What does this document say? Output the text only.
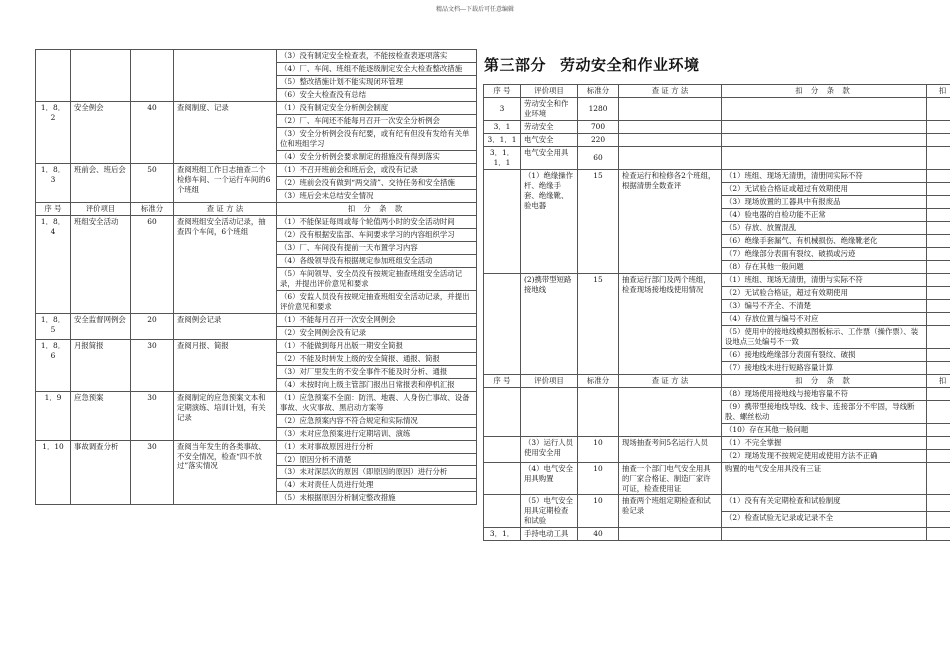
精品文档---下载后可任意编辑
				（3）没有制定安全检查表，不能按检查表逐项落实
				（4）厂、车间、班组不能逐级制定安全大检查整改措施
				（5）整改措施计划不能实现闭环管理
				（6）安全大检查没有总结
1．8．2	安全例会	40	查阅制度、记录	（1）没有制定安全分析例会制度
				（2）厂、车间还不能每月召开一次安全分析例会
				（3）安全分析例会没有纪要，或有纪有但没有发给有关单位和班组学习
				（4）安全分析例会要求制定的措施没有得到落实
1．8．3	班前会、班后会	50	查阅班组工作日志抽查二个检修车间、一个运行车间的6个班组	（1）不召开班前会和班后会，或没有记录
				（2）班前会没有做到“两交清”、交待任务和安全措施
				（3）班后会未总结安全情况
序 号	评价项目	标准分	查 证 方 法	扣 分 条 款
1．8．4	班组安全活动	60	查阅班组安全活动记录，抽查四个车间，6个班组	（1）不能保证每周或每个轮值两小时的安全活动时间
				（2）没有根据安监部、车间要求学习的内容组织学习
				（3）厂、车间没有提前一天布置学习内容
				（4）各级领导没有根据规定参加班组安全活动
				（5）车间领导、安全员没有按规定抽查班组安全活动记录，并提出评价意见和要求
				（6）安监人员没有按规定抽查班组安全活动记录，并提出评价意见和要求
1．8．5	安全监督网例会	20	查阅例会记录	（1）不能每月召开一次安全网例会
				（2）安全网例会没有记录
1．8．6	月报简报	30	查阅月报、简报	（1）不能做到每月出版一期安全简报
				（2）不能及时转发上级的安全简报、通报、简报
				（3）对厂里发生的不安全事件不能及时分析、通报
				（4）未按时向上级主管部门报出日常报表和停机汇报
1．9	应急预案	30	查阅制定的应急预案文本和定期演练、培训计划，有关记录	（1）应急预案不全面：防汛、地震、人身伤亡事故、设备事故、火灾事故、黑启动方案等
				（2）应急预案内容不符合规定和实际情况
				（3）未对应急预案进行定期培训、演练
1．10	事故调查分析	30	查阅当年发生的各类事故、不安全情况，检查“四不放过”落实情况	（1）未对事故原因进行分析
				（2）原因分析不清楚
				（3）未对深层次的原因（即原因的原因）进行分析
				（4）未对责任人员进行处理
				（5）未根据原因分析制定整改措施
第三部分 劳动安全和作业环境
序 号	评价项目	标准分	查 证 方 法	扣 分 条 款	扣
3	劳动安全和作业环境	1280			
3．1	劳动安全	700			
3．1．1	电气安全	220			
3．1．1．1	电气安全用具	60			
	（1）绝缘操作杆、绝缘手套、绝缘靴、验电器	15	检查运行和检修各2个班组，根据清册全数查评	（1）班组、现场无清册，清册同实际不符	
				（2）无试验合格证或超过有效期使用	
				（3）现场放置的工器具中有报废品	
				（4）验电器的自检功能不正常	
				（5）存放、放置混乱	
				（6）绝缘手套漏气、有机械损伤、绝缘靴老化	
				（7）绝缘部分表面有裂纹、破损或污迹	
				（8）存在其他一般问题	
	(2)携带型短路接地线	15	抽查运行部门及两个班组，检查现场接地线使用情况	（1）班组、现场无清册，清册与实际不符	
				（2）无试验合格证，超过有效期使用	
				（3）编号不齐全、不清楚	
				（4）存放位置与编号不对应	
				（5）使用中的接地线模拟图板标示、工作票（操作票）、装设地点三处编号不一致	
				（6）接地线绝缘部分表面有裂纹、破损	
				（7）接地线未进行短路容量计算	
序 号	评价项目	标准分	查 证 方 法	扣 分 条 款	扣
				（8）现场使用接地线与接地容量不符	
				（9）携带型接地线导线、线卡、连接部分不牢固，导线断股、螺丝松动	
				（10）存在其他一般问题	
	（3）运行人员使用安全用	10	现场抽查考问5名运行人员	（1）不完全掌握	
				（2）现场发现不按规定使用或使用方法不正确	
	（4）电气安全用具购置	10	抽查一个部门电气安全用具的厂家合格证、制造厂家许可证，检查使用证	购置的电气安全用具没有三证	
	（5）电气安全用具定期检查和试验	10	抽查两个班组定期检查和试验记录	（1）没有有关定期检查和试验制度	
				（2）检查试验无记录或记录不全	
3．1．	手持电动工具	40			
